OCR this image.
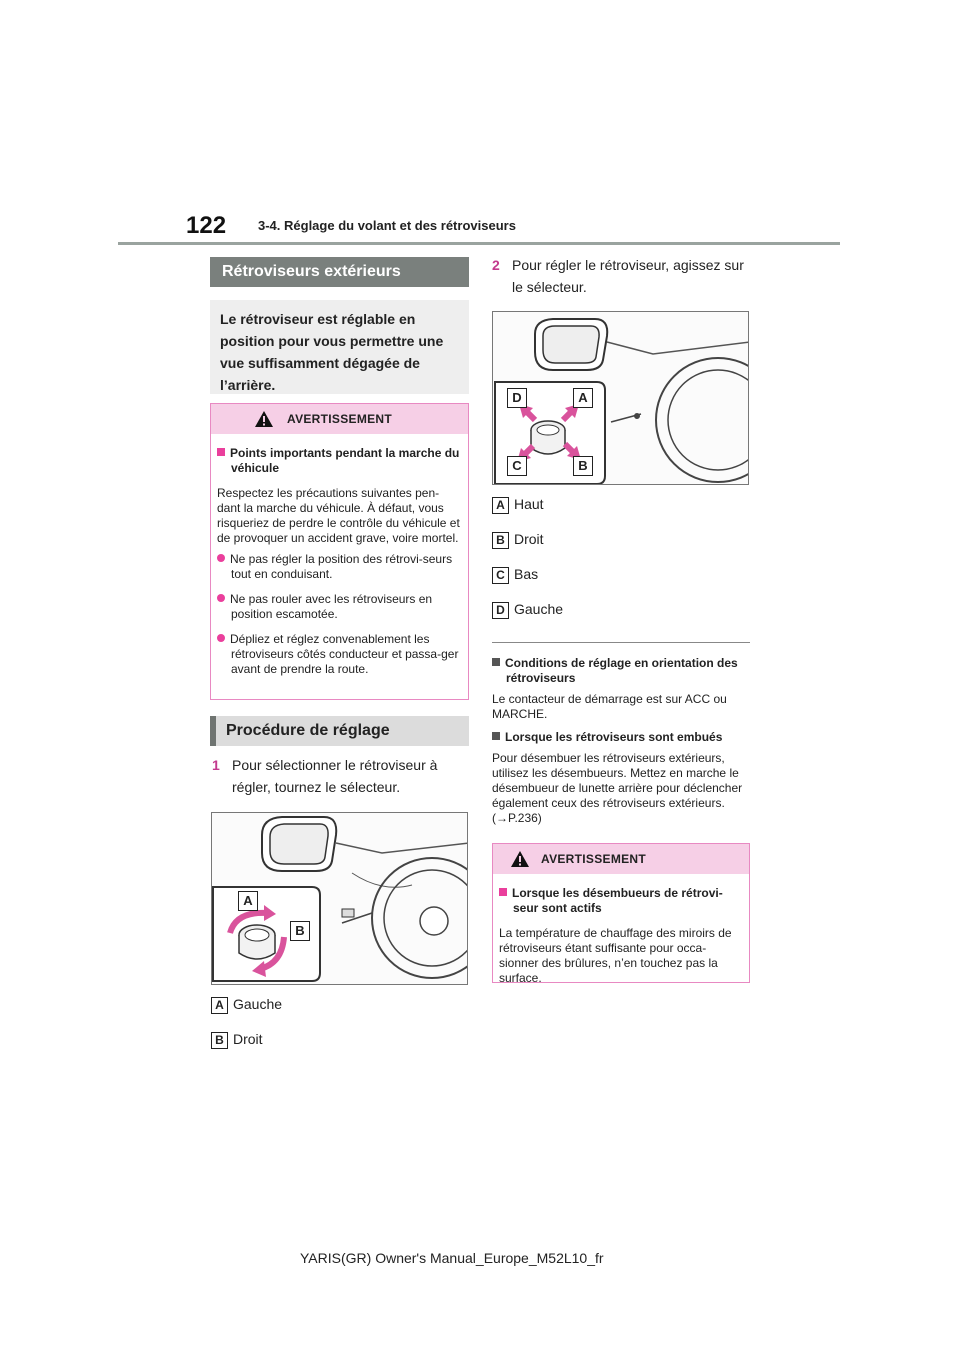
122 3-4. Réglage du volant et des rétroviseurs
Rétroviseurs extérieurs
Le rétroviseur est réglable en position pour vous permettre une vue suffisamment dégagée de l’arrière.
AVERTISSEMENT
Points importants pendant la marche du véhicule
Respectez les précautions suivantes pen-dant la marche du véhicule. À défaut, vous risqueriez de perdre le contrôle du véhicule et de provoquer un accident grave, voire mortel.
Ne pas régler la position des rétrovi-seurs tout en conduisant.
Ne pas rouler avec les rétroviseurs en position escamotée.
Dépliez et réglez convenablement les rétroviseurs côtés conducteur et passa-ger avant de prendre la route.
Procédure de réglage
1 Pour sélectionner le rétroviseur à régler, tournez le sélecteur.
A
B
A Gauche
B Droit
2 Pour régler le rétroviseur, agissez sur le sélecteur.
D	A
C	B
A Haut
B Droit
C Bas
D Gauche
Conditions de réglage en orientation des rétroviseurs
Le contacteur de démarrage est sur ACC ou MARCHE.
Lorsque les rétroviseurs sont embués
Pour désembuer les rétroviseurs extérieurs, utilisez les désembueurs. Mettez en marche le désembueur de lunette arrière pour déclencher également ceux des rétroviseurs extérieurs. (→P.236)
AVERTISSEMENT
Lorsque les désembueurs de rétrovi-seur sont actifs
La température de chauffage des miroirs de rétroviseurs étant suffisante pour occa-sionner des brûlures, n’en touchez pas la surface.
YARIS(GR) Owner's Manual_Europe_M52L10_fr
